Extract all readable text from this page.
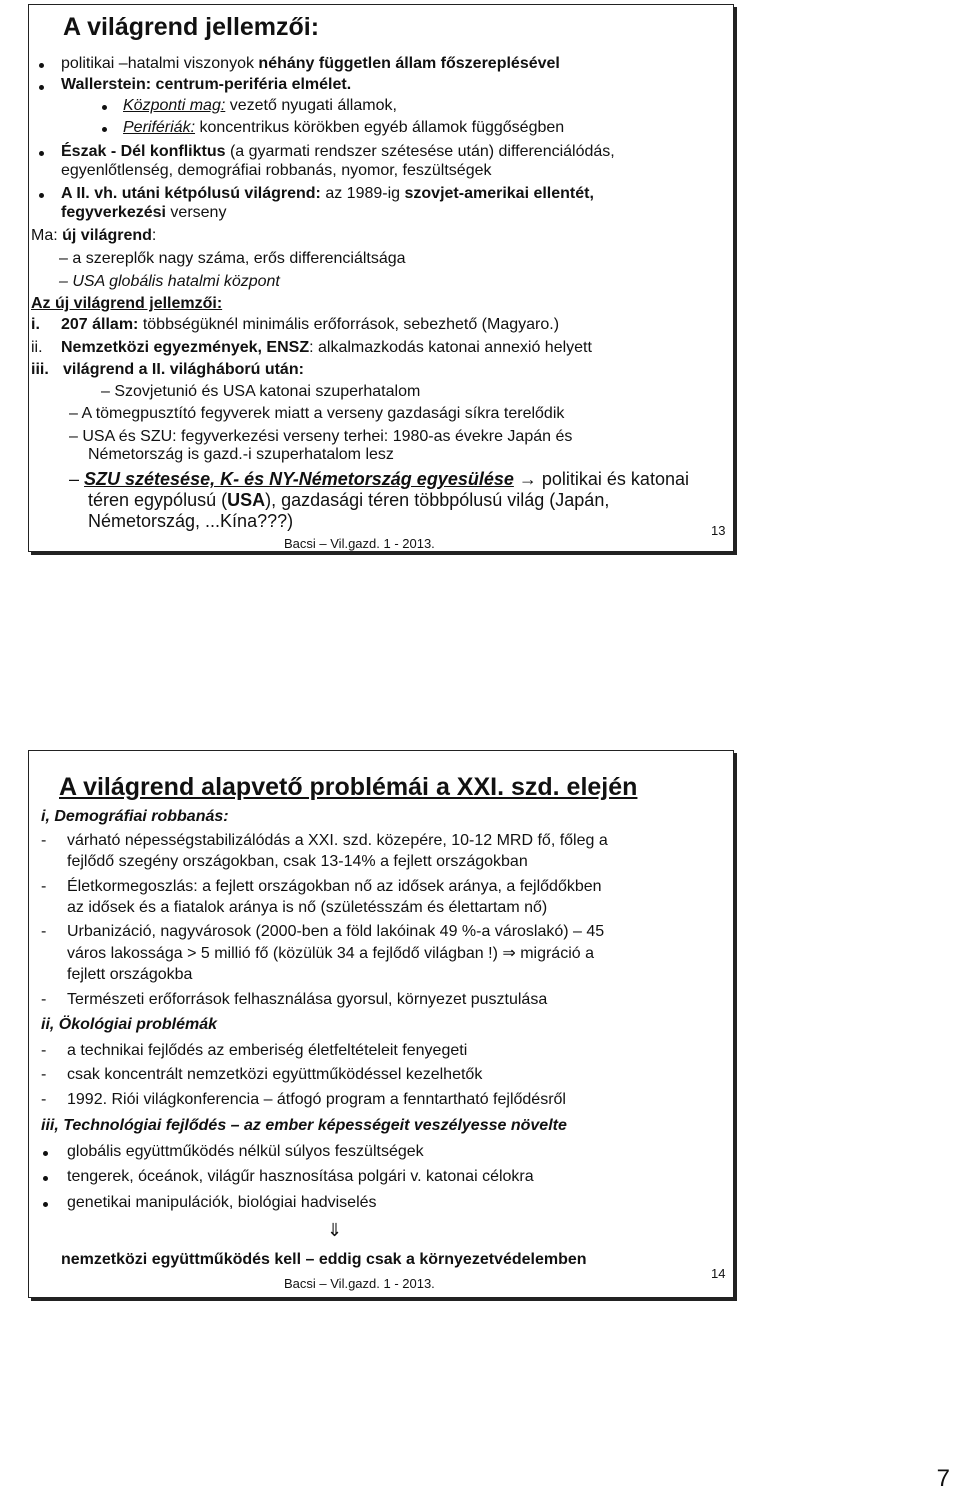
A világrend jellemzői:
politikai –hatalmi viszonyok néhány független állam főszereplésével
Wallerstein: centrum-periféria elmélet.
Központi mag: vezető nyugati államok,
Perifériák: koncentrikus körökben egyéb államok függőségben
Észak - Dél konfliktus (a gyarmati rendszer szétesése után) differenciálódás,
egyenlőtlenség, demográfiai robbanás, nyomor, feszültségek
A II. vh. utáni kétpólusú világrend: az 1989-ig szovjet-amerikai ellentét,
fegyverkezési verseny
Ma: új világrend:
– a szereplők nagy száma, erős differenciáltsága
– USA globális hatalmi központ
Az új világrend jellemzői:
i. 207 állam: többségüknél minimális erőforrások, sebezhető (Magyaro.)
ii. Nemzetközi egyezmények, ENSZ: alkalmazkodás katonai annexió helyett
iii. világrend a II. világháború után:
– Szovjetunió és USA katonai szuperhatalom
– A tömegpusztító fegyverek miatt a verseny gazdasági síkra terelődik
– USA és SZU: fegyverkezési verseny terhei: 1980-as évekre Japán és
Németország is gazd.-i szuperhatalom lesz
– SZU szétesése, K- és NY-Németország egyesülése → politikai és katonai
téren egypólusú (USA), gazdasági téren többpólusú világ (Japán,
Németország, ...Kína???)
Bacsi – Vil.gazd. 1 - 2013.
13
A világrend alapvető problémái a XXI. szd. elején
i, Demográfiai robbanás:
- várható népességstabilizálódás a XXI. szd. közepére, 10-12 MRD fő, főleg a
fejlődő szegény országokban, csak 13-14% a fejlett országokban
- Életkormegoszlás: a fejlett országokban nő az idősek aránya, a fejlődőkben
az idősek és a fiatalok aránya is nő (születésszám és élettartam nő)
- Urbanizáció, nagyvárosok (2000-ben a föld lakóinak 49 %-a városlakó) – 45
város lakossága > 5 millió fő (közülük 34 a fejlődő világban !) ⇒ migráció a
fejlett országokba
- Természeti erőforrások felhasználása gyorsul, környezet pusztulása
ii, Ökológiai problémák
- a technikai fejlődés az emberiség életfeltételeit fenyegeti
- csak koncentrált nemzetközi együttműködéssel kezelhetők
- 1992. Riói világkonferencia – átfogó program a fenntartható fejlődésről
iii, Technológiai fejlődés – az ember képességeit veszélyesse növelte
globális együttműködés nélkül súlyos feszültségek
tengerek, óceánok, világűr hasznosítása polgári v. katonai célokra
genetikai manipulációk, biológiai hadviselés
⇓
nemzetközi együttműködés kell – eddig csak a környezetvédelemben
Bacsi – Vil.gazd. 1 - 2013.
14
7
